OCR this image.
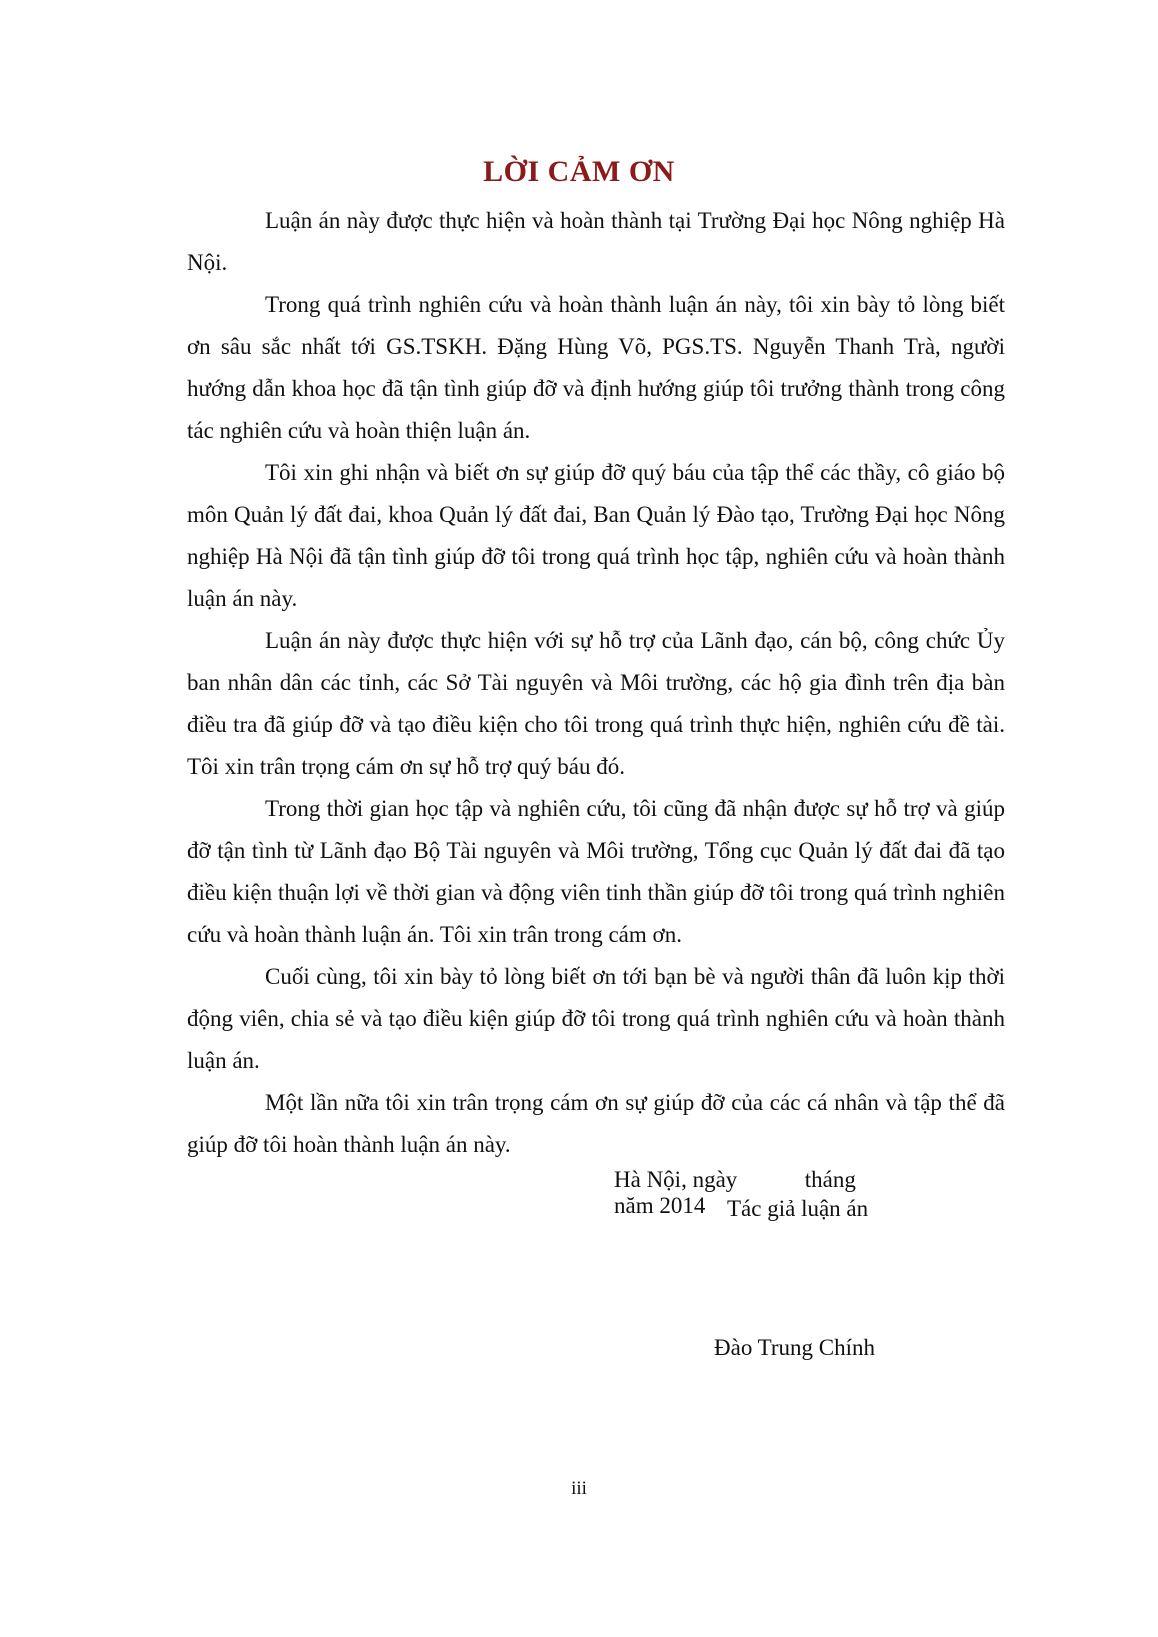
LỜI CẢM ƠN

Luận án này được thực hiện và hoàn thành tại Trường Đại học Nông nghiệp Hà Nội.

Trong quá trình nghiên cứu và hoàn thành luận án này, tôi xin bày tỏ lòng biết ơn sâu sắc nhất tới GS.TSKH. Đặng Hùng Võ, PGS.TS. Nguyễn Thanh Trà, người hướng dẫn khoa học đã tận tình giúp đỡ và định hướng giúp tôi trưởng thành trong công tác nghiên cứu và hoàn thiện luận án.

Tôi xin ghi nhận và biết ơn sự giúp đỡ quý báu của tập thể các thầy, cô giáo bộ môn Quản lý đất đai, khoa Quản lý đất đai, Ban Quản lý Đào tạo, Trường Đại học Nông nghiệp Hà Nội đã tận tình giúp đỡ tôi trong quá trình học tập, nghiên cứu và hoàn thành luận án này.

Luận án này được thực hiện với sự hỗ trợ của Lãnh đạo, cán bộ, công chức Ủy ban nhân dân các tỉnh, các Sở Tài nguyên và Môi trường, các hộ gia đình trên địa bàn điều tra đã giúp đỡ và tạo điều kiện cho tôi trong quá trình thực hiện, nghiên cứu đề tài. Tôi xin trân trọng cám ơn sự hỗ trợ quý báu đó.

Trong thời gian học tập và nghiên cứu, tôi cũng đã nhận được sự hỗ trợ và giúp đỡ tận tình từ Lãnh đạo Bộ Tài nguyên và Môi trường, Tổng cục Quản lý đất đai đã tạo điều kiện thuận lợi về thời gian và động viên tinh thần giúp đỡ tôi trong quá trình nghiên cứu và hoàn thành luận án. Tôi xin trân trong cám ơn.

Cuối cùng, tôi xin bày tỏ lòng biết ơn tới bạn bè và người thân đã luôn kịp thời động viên, chia sẻ và tạo điều kiện giúp đỡ tôi trong quá trình nghiên cứu và hoàn thành luận án.

Một lần nữa tôi xin trân trọng cám ơn sự giúp đỡ của các cá nhân và tập thể đã giúp đỡ tôi hoàn thành luận án này.

Hà Nội, ngày	tháng  năm 2014 Tác giả luận án
Đào Trung Chính
iii
